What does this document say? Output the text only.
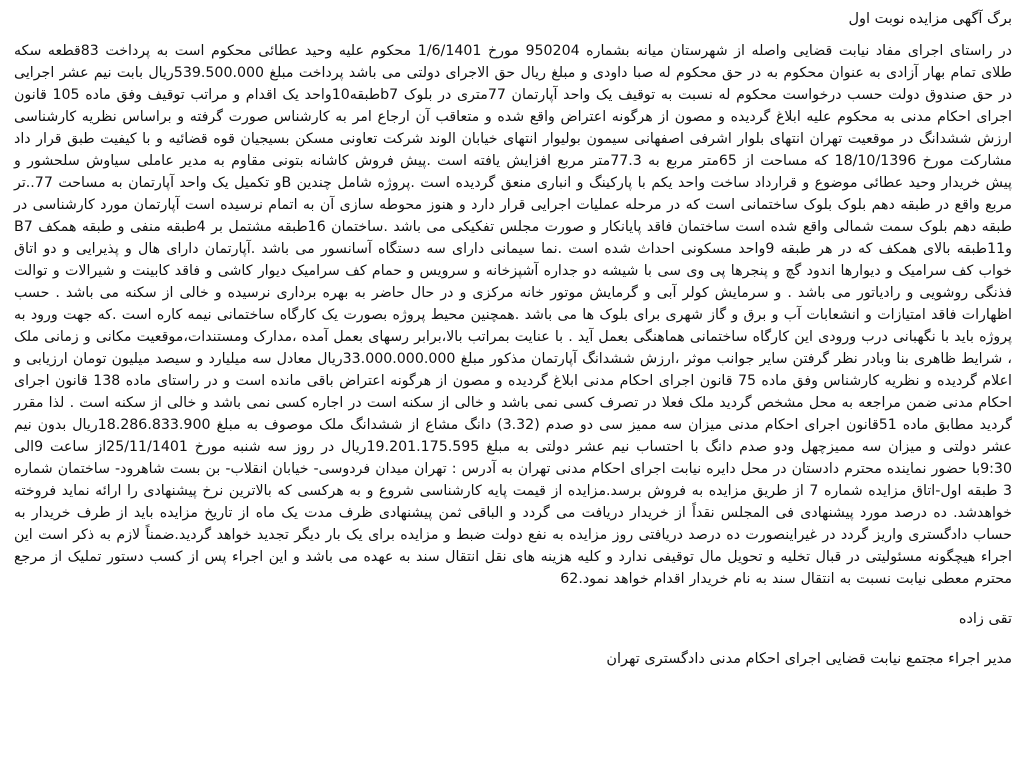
برگ آگهی مزایده نوبت اول

در راستای اجرای مفاد نیابت قضایی واصله از شهرستان میانه بشماره 950204 مورخ 1/6/1401 محکوم علیه وحید عطائی محکوم است به پرداخت 83قطعه سکه طلای تمام بهار آزادی به عنوان محکوم به در حق محکوم له صبا داودی و مبلغ ریال حق الاجرای دولتی می باشد پرداخت مبلغ 539.500.000ریال بابت نیم عشر اجرایی در حق صندوق دولت حسب درخواست محکوم له نسبت به توقیف یک واحد آپارتمان 77متری در بلوک b7طبقه10واحد یک اقدام و مراتب توقیف وفق ماده 105 قانون اجرای احکام مدنی به محکوم علیه ابلاغ گردیده و مصون از هرگونه اعتراض واقع شده و متعاقب آن ارجاع امر به کارشناس صورت گرفته و براساس نظریه کارشناسی ارزش ششدانگ در موقعیت تهران انتهای بلوار اشرفی اصفهانی سیمون بولیوار انتهای خیابان الوند شرکت تعاونی مسکن بسیجیان قوه قضائیه و با کیفیت طبق قرار داد مشارکت مورخ 18/10/1396 که مساحت از 65متر مربع به 77.3متر مربع افزایش یافته است .پیش فروش کاشانه بتونی مقاوم به مدیر عاملی سیاوش سلحشور و پیش خریدار وحید عطائی موضوع و قرارداد ساخت واحد یکم با پارکینگ و انباری منعق گردیده است .پروژه شامل چندین Bو تکمیل یک واحد آپارتمان به مساحت 77..تر مربع واقع در طبقه دهم بلوک بلوک ساختمانی است که در مرحله عملیات اجرایی قرار دارد و هنوز محوطه سازی آن به اتمام نرسیده است آپارتمان مورد کارشناسی در طبقه دهم بلوک سمت شمالی واقع شده است ساختمان فاقد پایانکار و صورت مجلس تفکیکی می باشد .ساختمان 16طبقه مشتمل بر 4طبقه منفی و طبقه همکف B7 و11طبقه بالای همکف که در هر طبقه 9واحد مسکونی احداث شده است .نما سیمانی دارای سه دستگاه آسانسور می باشد .آپارتمان دارای هال و پذیرایی و دو اتاق خواب کف سرامیک و دیوارها اندود گچ و پنجرها پی وی سی با شیشه دو جداره آشپزخانه و سرویس و حمام کف سرامیک دیوار کاشی و فاقد کابینت و شیرالات و توالت فذنگی روشویی و رادیاتور می باشد . و سرمایش کولر آبی و گرمایش موتور خانه مرکزی و در حال حاضر به بهره برداری نرسیده و خالی از سکنه می باشد . حسب اظهارات فاقد امتیازات و انشعابات آب و برق و گاز شهری برای بلوک ها می باشد .همچنین محیط پروژه بصورت یک کارگاه ساختمانی نیمه کاره است .که جهت ورود به پروژه باید با نگهبانی درب ورودی این کارگاه ساختمانی هماهنگی بعمل آید . با عنایت بمراتب بالا،برابر رسهای بعمل آمده ،مدارک ومستندات،موقعیت مکانی و زمانی ملک ، شرایط ظاهری بنا وبادر نظر گرفتن سایر جوانب موثر ،ارزش ششدانگ آپارتمان مذکور مبلغ 33.000.000.000ریال معادل سه میلیارد و سیصد میلیون تومان ارزیابی و اعلام گردیده و نظریه کارشناس وفق ماده 75 قانون اجرای احکام مدنی ابلاغ گردیده و مصون از هرگونه اعتراض باقی مانده است و در راستای ماده 138 قانون اجرای احکام مدنی ضمن مراجعه به محل مشخص گردید ملک فعلا در تصرف کسی نمی باشد و خالی از سکنه است در اجاره کسی نمی باشد و خالی از سکنه است . لذا مقرر گردید مطابق ماده 51قانون اجرای احکام مدنی میزان سه ممیز سی دو صدم (3.32) دانگ مشاع از ششدانگ ملک موصوف به مبلغ 18.286.833.900ریال بدون نیم عشر دولتی و میزان سه ممیزچهل ودو صدم دانگ با احتساب نیم عشر دولتی به مبلغ 19.201.175.595ریال در روز سه شنبه مورخ 25/11/1401از ساعت 9الی 9:30با حضور نماینده محترم دادستان در محل دایره نیابت اجرای احکام مدنی تهران به آدرس : تهران میدان فردوسی- خیابان انقلاب- بن بست شاهرود- ساختمان شماره 3 طبقه اول-اتاق مزایده شماره 7 از طریق مزایده به فروش برسد.مزایده از قیمت پایه کارشناسی شروع و به هرکسی که بالاترین نرخ پیشنهادی را ارائه نماید فروخته خواهدشد. ده درصد مورد پیشنهادی فی المجلس نقداً از خریدار دریافت می گردد و الباقی ثمن پیشنهادی ظرف مدت یک ماه از تاریخ مزایده باید از طرف خریدار به حساب دادگستری واریز گردد در غیراینصورت ده درصد دریافتی روز مزایده به نفع دولت ضبط و مزایده برای یک بار دیگر تجدید خواهد گردید.ضمناً لازم به ذکر است این اجراء هیچگونه مسئولیتی در قبال تخلیه و تحویل مال توقیفی ندارد و کلیه هزینه های نقل انتقال سند به عهده می باشد و این اجراء پس از کسب دستور تملیک از مرجع محترم معطی نیابت نسبت به انتقال سند به نام خریدار اقدام خواهد نمود.62

تقی زاده
مدیر اجراء مجتمع نیابت قضایی اجرای احکام مدنی دادگستری تهران
